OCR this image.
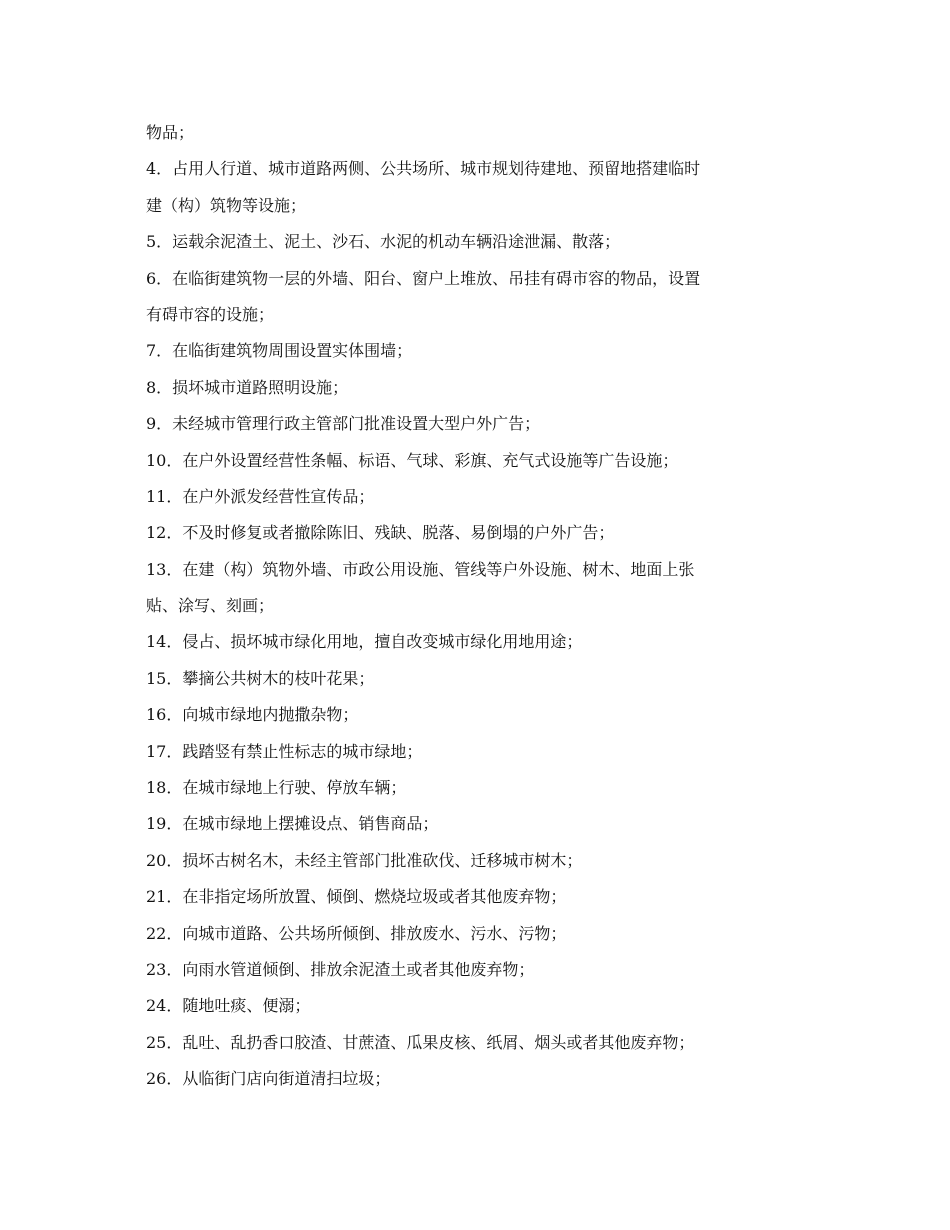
物品；
4．占用人行道、城市道路两侧、公共场所、城市规划待建地、预留地搭建临时
建（构）筑物等设施；
5．运载余泥渣土、泥土、沙石、水泥的机动车辆沿途泄漏、散落；
6．在临街建筑物一层的外墙、阳台、窗户上堆放、吊挂有碍市容的物品，设置
有碍市容的设施；
7．在临街建筑物周围设置实体围墙；
8．损坏城市道路照明设施；
9．未经城市管理行政主管部门批准设置大型户外广告；
10．在户外设置经营性条幅、标语、气球、彩旗、充气式设施等广告设施；
11．在户外派发经营性宣传品；
12．不及时修复或者撤除陈旧、残缺、脱落、易倒塌的户外广告；
13．在建（构）筑物外墙、市政公用设施、管线等户外设施、树木、地面上张
贴、涂写、刻画；
14．侵占、损坏城市绿化用地，擅自改变城市绿化用地用途；
15．攀摘公共树木的枝叶花果；
16．向城市绿地内抛撒杂物；
17．践踏竖有禁止性标志的城市绿地；
18．在城市绿地上行驶、停放车辆；
19．在城市绿地上摆摊设点、销售商品；
20．损坏古树名木，未经主管部门批准砍伐、迁移城市树木；
21．在非指定场所放置、倾倒、燃烧垃圾或者其他废弃物；
22．向城市道路、公共场所倾倒、排放废水、污水、污物；
23．向雨水管道倾倒、排放余泥渣土或者其他废弃物；
24．随地吐痰、便溺；
25．乱吐、乱扔香口胶渣、甘蔗渣、瓜果皮核、纸屑、烟头或者其他废弃物；
26．从临街门店向街道清扫垃圾；
